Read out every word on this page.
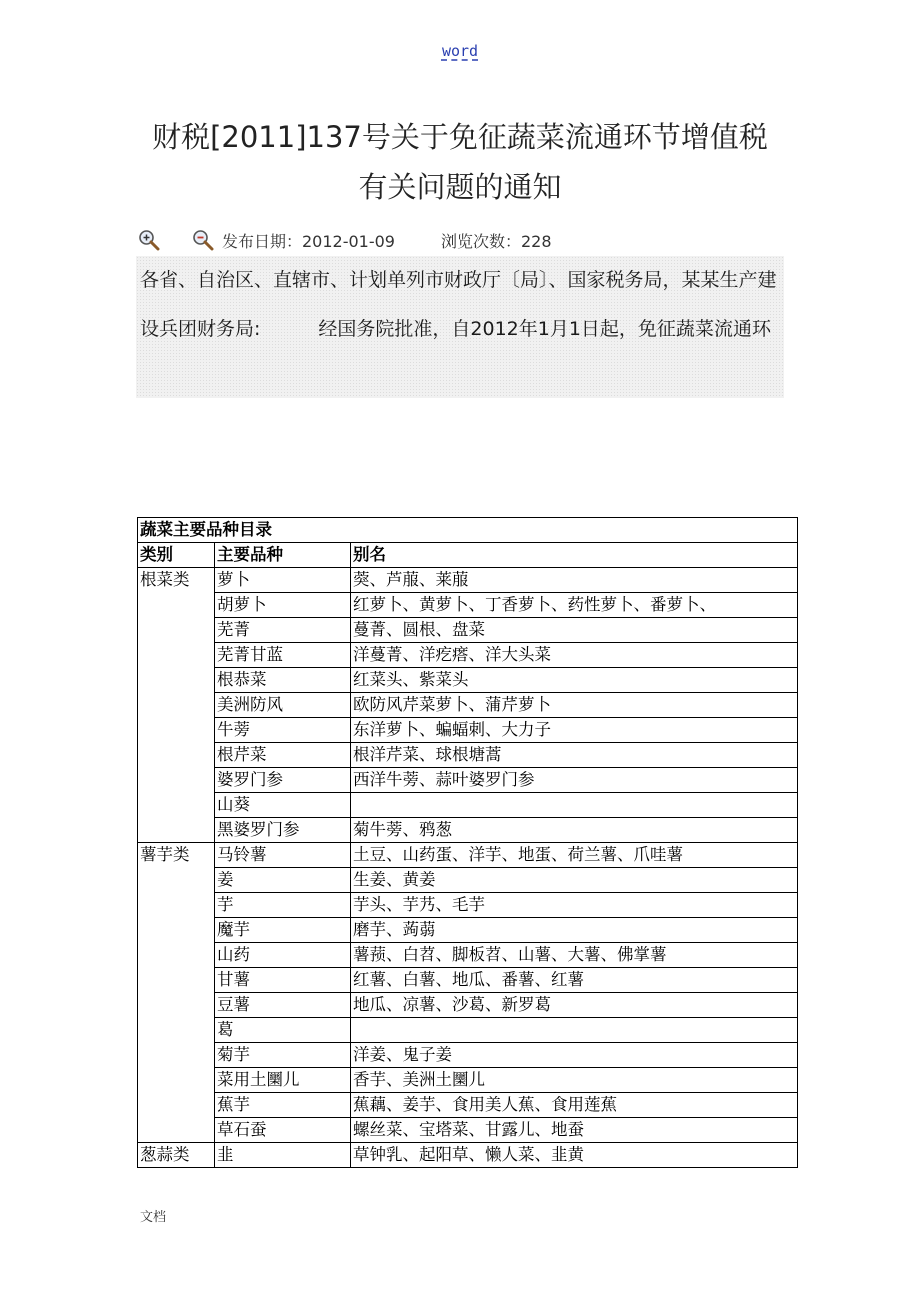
word
财税[2011]137号关于免征蔬菜流通环节增值税
有关问题的通知
发布日期：2012-01-09	浏览次数：228
各省、自治区、直辖市、计划单列市财政厅〔局〕、国家税务局，某某生产建设兵团财务局:	经国务院批准，自2012年1月1日起，免征蔬菜流通环
蔬菜主要品种目录		
类别	主要品种	别名
根菜类	萝卜	葖、芦菔、莱菔
	胡萝卜	红萝卜、黄萝卜、丁香萝卜、药性萝卜、番萝卜、
	芜菁	蔓菁、圆根、盘菜
	芜菁甘蓝	洋蔓菁、洋疙瘩、洋大头菜
	根恭菜	红菜头、紫菜头
	美洲防风	欧防风芹菜萝卜、蒲芹萝卜
	牛蒡	东洋萝卜、蝙蝠刺、大力子
	根芹菜	根洋芹菜、球根塘蒿
	婆罗门参	西洋牛蒡、蒜叶婆罗门参
	山葵	
	黑婆罗门参	菊牛蒡、鸦葱
薯芋类	马铃薯	土豆、山药蛋、洋芋、地蛋、荷兰薯、爪哇薯
	姜	生姜、黄姜
	芋	芋头、芋艿、毛芋
	魔芋	磨芋、蒟蒻
	山药	薯蓣、白苕、脚板苕、山薯、大薯、佛掌薯
	甘薯	红薯、白薯、地瓜、番薯、红薯
	豆薯	地瓜、凉薯、沙葛、新罗葛
	葛	
	菊芋	洋姜、鬼子姜
	菜用土圞儿	香芋、美洲土圞儿
	蕉芋	蕉藕、姜芋、食用美人蕉、食用莲蕉
	草石蚕	螺丝菜、宝塔菜、甘露儿、地蚕
葱蒜类	韭	草钟乳、起阳草、懒人菜、韭黄
文档
